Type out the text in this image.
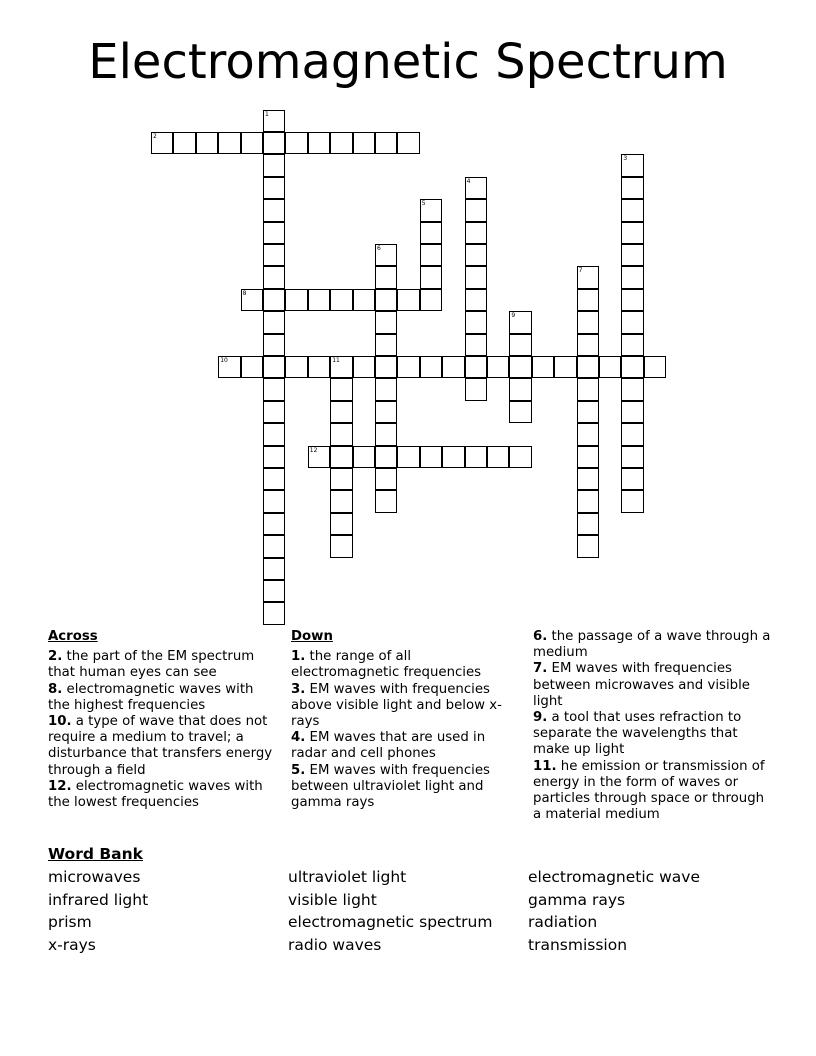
Electromagnetic Spectrum
1
2
3
4
5
6
7
8
9
10	11
12
Across
2. the part of the EM spectrum that human eyes can see
8. electromagnetic waves with the highest frequencies
10. a type of wave that does not require a medium to travel; a disturbance that transfers energy through a field
12. electromagnetic waves with the lowest frequencies
Down
1. the range of all electromagnetic frequencies
3. EM waves with frequencies above visible light and below x-rays
4. EM waves that are used in radar and cell phones
5. EM waves with frequencies between ultraviolet light and gamma rays
6. the passage of a wave through a medium
7. EM waves with frequencies between microwaves and visible light
9. a tool that uses refraction to separate the wavelengths that make up light
11. he emission or transmission of energy in the form of waves or particles through space or through a material medium
Word Bank
microwaves
infrared light
prism
x-rays
ultraviolet light
visible light
electromagnetic spectrum
radio waves
electromagnetic wave
gamma rays
radiation
transmission
